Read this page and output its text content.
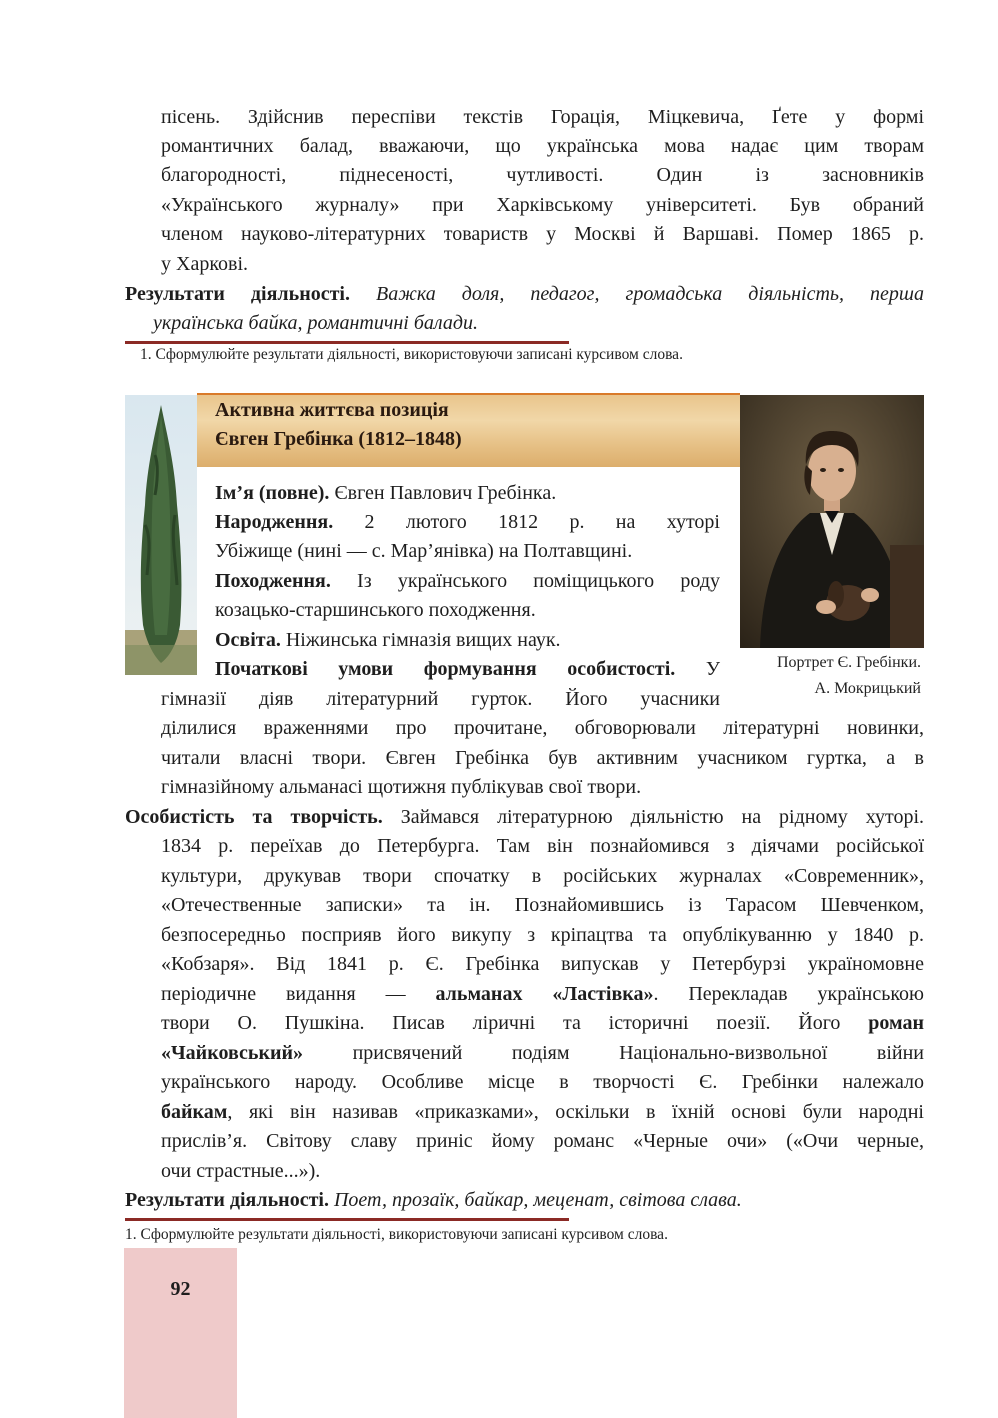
пісень. Здійснив переспіви текстів Горація, Міцкевича, Ґете у формі
романтичних балад, вважаючи, що українська мова надає цим творам
благородності, піднесеності, чутливості. Один із засновників
«Українського журналу» при Харківському університеті. Був обраний
членом науково-літературних товариств у Москві й Варшаві. Помер 1865 р.
у Харкові.
Результати діяльності. Важка доля, педагог, громадська діяльність, перша
українська байка, романтичні балади.
1. Сформулюйте результати діяльності, використовуючи записані курсивом слова.
Активна життєва позиція
Євген Гребінка (1812–1848)
Портрет Є. Гребінки.
А. Мокрицький
Ім’я (повне). Євген Павлович Гребінка.
Народження. 2 лютого 1812 р. на хуторі
Убіжище (нині — с. Мар’янівка) на Полтавщині.
Походження. Із українського поміщицького роду
козацько-старшинського походження.
Освіта. Ніжинська гімназія вищих наук.
Початкові умови формування особистості. У
гімназії діяв літературний гурток. Його учасники
ділилися враженнями про прочитане, обговорювали літературні новинки,
читали власні твори. Євген Гребінка був активним учасником гуртка, а в
гімназійному альманасі щотижня публікував свої твори.
Особистість та творчість. Займався літературною діяльністю на рідному хуторі.
1834 р. переїхав до Петербурга. Там він познайомився з діячами російської
культури, друкував твори спочатку в російських журналах «Современник»,
«Отечественные записки» та ін. Познайомившись із Тарасом Шевченком,
безпосередньо посприяв його викупу з кріпацтва та опублікуванню у 1840 р.
«Кобзаря». Від 1841 р. Є. Гребінка випускав у Петербурзі україномовне
періодичне видання — альманах «Ластівка». Перекладав українською
твори О. Пушкіна. Писав ліричні та історичні поезії. Його роман
«Чайковський» присвячений подіям Національно-визвольної війни
українського народу. Особливе місце в творчості Є. Гребінки належало
байкам, які він називав «приказками», оскільки в їхній основі були народні
прислів’я. Світову славу приніс йому романс «Черные очи» («Очи черные,
очи страстные...»).
Результати діяльності. Поет, прозаїк, байкар, меценат, світова слава.
1. Сформулюйте результати діяльності, використовуючи записані курсивом слова.
92
